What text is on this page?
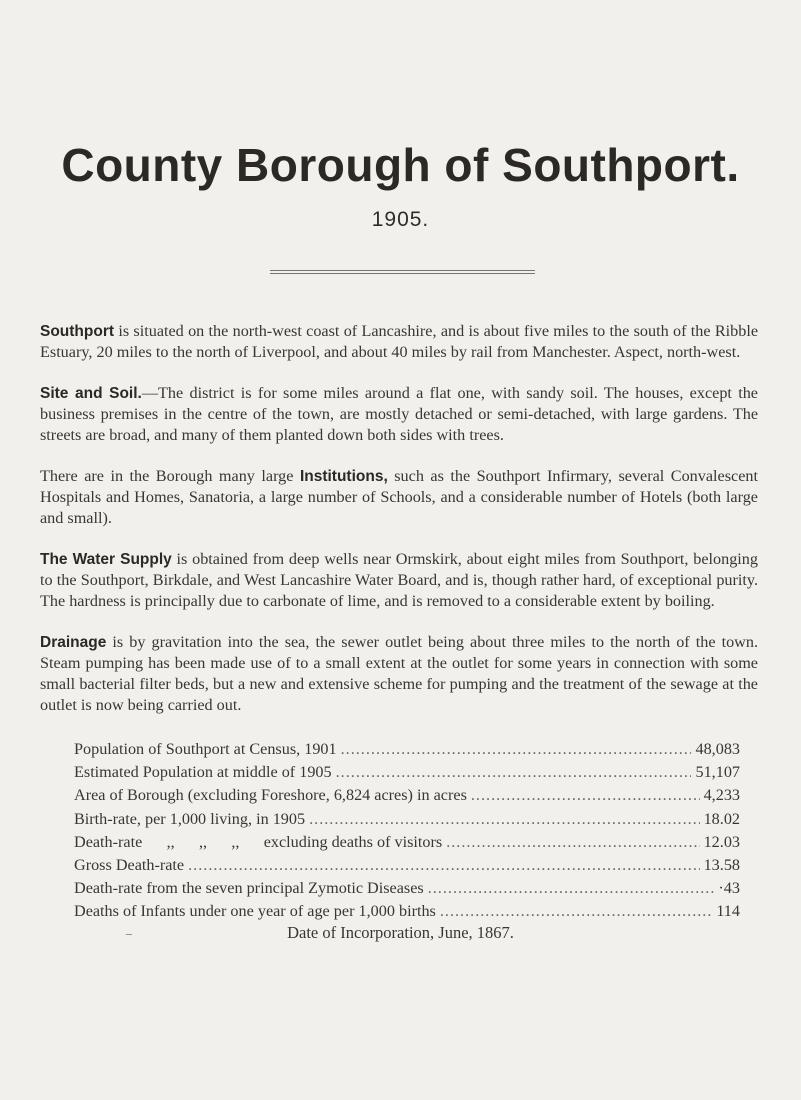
County Borough of Southport.
1905.

Southport is situated on the north-west coast of Lancashire, and is about five miles to the south of the Ribble Estuary, 20 miles to the north of Liverpool, and about 40 miles by rail from Manchester. Aspect, north-west.

Site and Soil.—The district is for some miles around a flat one, with sandy soil. The houses, except the business premises in the centre of the town, are mostly detached or semi-detached, with large gardens. The streets are broad, and many of them planted down both sides with trees.

There are in the Borough many large Institutions, such as the Southport Infirmary, several Convalescent Hospitals and Homes, Sanatoria, a large number of Schools, and a considerable number of Hotels (both large and small).

The Water Supply is obtained from deep wells near Ormskirk, about eight miles from Southport, belonging to the Southport, Birkdale, and West Lancashire Water Board, and is, though rather hard, of exceptional purity. The hardness is principally due to carbonate of lime, and is removed to a considerable extent by boiling.

Drainage is by gravitation into the sea, the sewer outlet being about three miles to the north of the town. Steam pumping has been made use of to a small extent at the outlet for some years in connection with some small bacterial filter beds, but a new and extensive scheme for pumping and the treatment of the sewage at the outlet is now being carried out.

Population of Southport at Census, 1901 .....	48,083
Estimated Population at middle of 1905 .....	51,107
Area of Borough (excluding Foreshore, 6,824 acres) in acres .....	4,233
Birth-rate, per 1,000 living, in 1905 .....	18.02
Death-rate      ,,      ,,      ,,      excluding deaths of visitors .....	12.03
Gross Death-rate .....	13.58
Death-rate from the seven principal Zymotic Diseases .....	·43
Deaths of Infants under one year of age per 1,000 births .....	114
‒	Date of Incorporation, June, 1867.
